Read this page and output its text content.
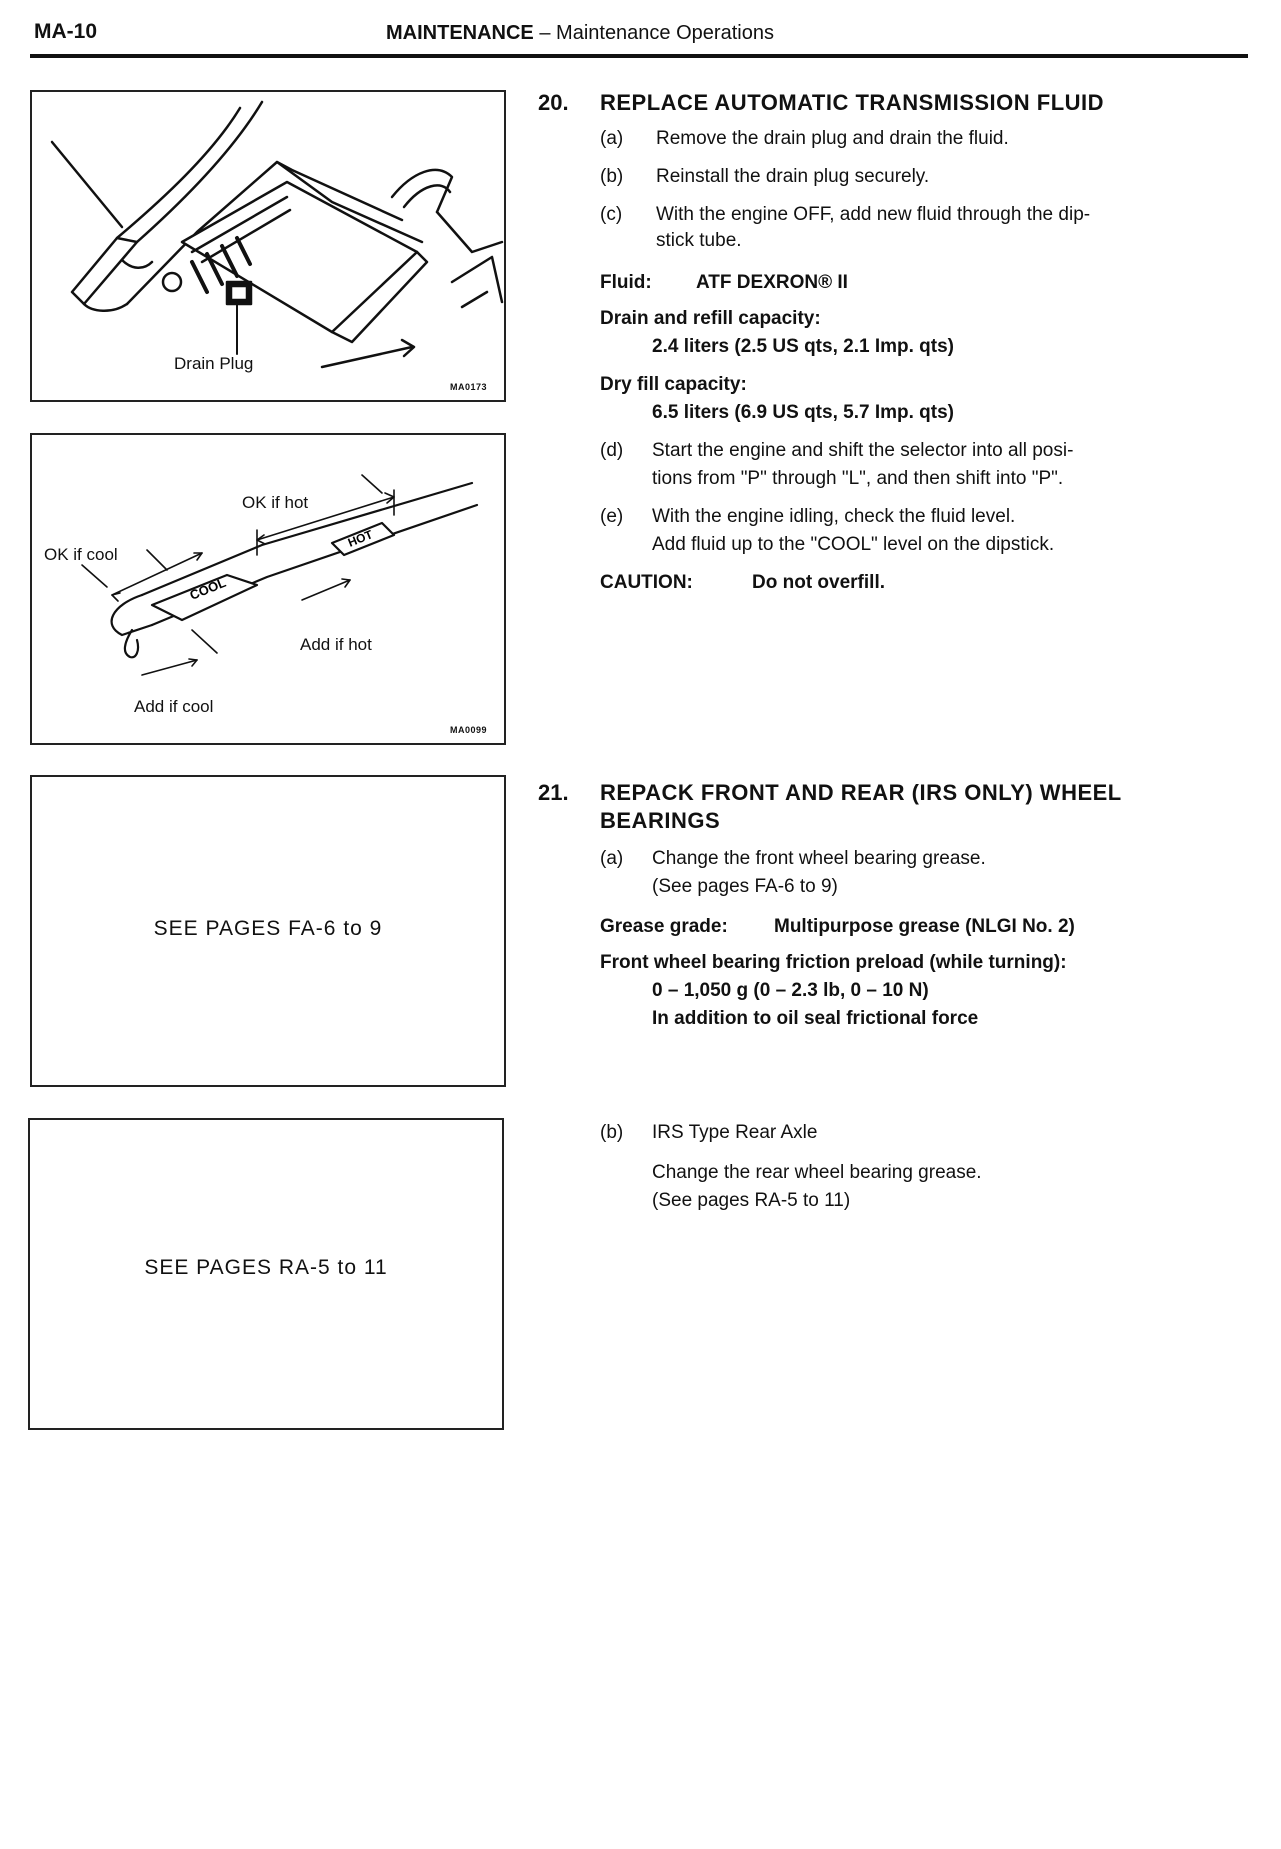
MA-10	MAINTENANCE – Maintenance Operations
Drain Plug
MA0173
COOL
HOT
OK if hot
OK if cool
Add if hot
Add if cool
MA0099
SEE PAGES FA-6 to 9
SEE PAGES RA-5 to 11
20. REPLACE AUTOMATIC TRANSMISSION FLUID
(a) Remove the drain plug and drain the fluid.
(b) Reinstall the drain plug securely.
(c) With the engine OFF, add new fluid through the dip-
stick tube.
Fluid: ATF DEXRON® II
Drain and refill capacity:
2.4 liters (2.5 US qts, 2.1 Imp. qts)
Dry fill capacity:
6.5 liters (6.9 US qts, 5.7 Imp. qts)
(d) Start the engine and shift the selector into all posi-
tions from "P" through "L", and then shift into "P".
(e) With the engine idling, check the fluid level.
Add fluid up to the "COOL" level on the dipstick.
CAUTION:	Do not overfill.
21. REPACK FRONT AND REAR (IRS ONLY) WHEEL
BEARINGS
(a) Change the front wheel bearing grease.
(See pages FA-6 to 9)
Grease grade: Multipurpose grease (NLGI No. 2)
Front wheel bearing friction preload (while turning):
0 – 1,050 g (0 – 2.3 lb, 0 – 10 N)
In addition to oil seal frictional force
(b) IRS Type Rear Axle
Change the rear wheel bearing grease.
(See pages RA-5 to 11)
